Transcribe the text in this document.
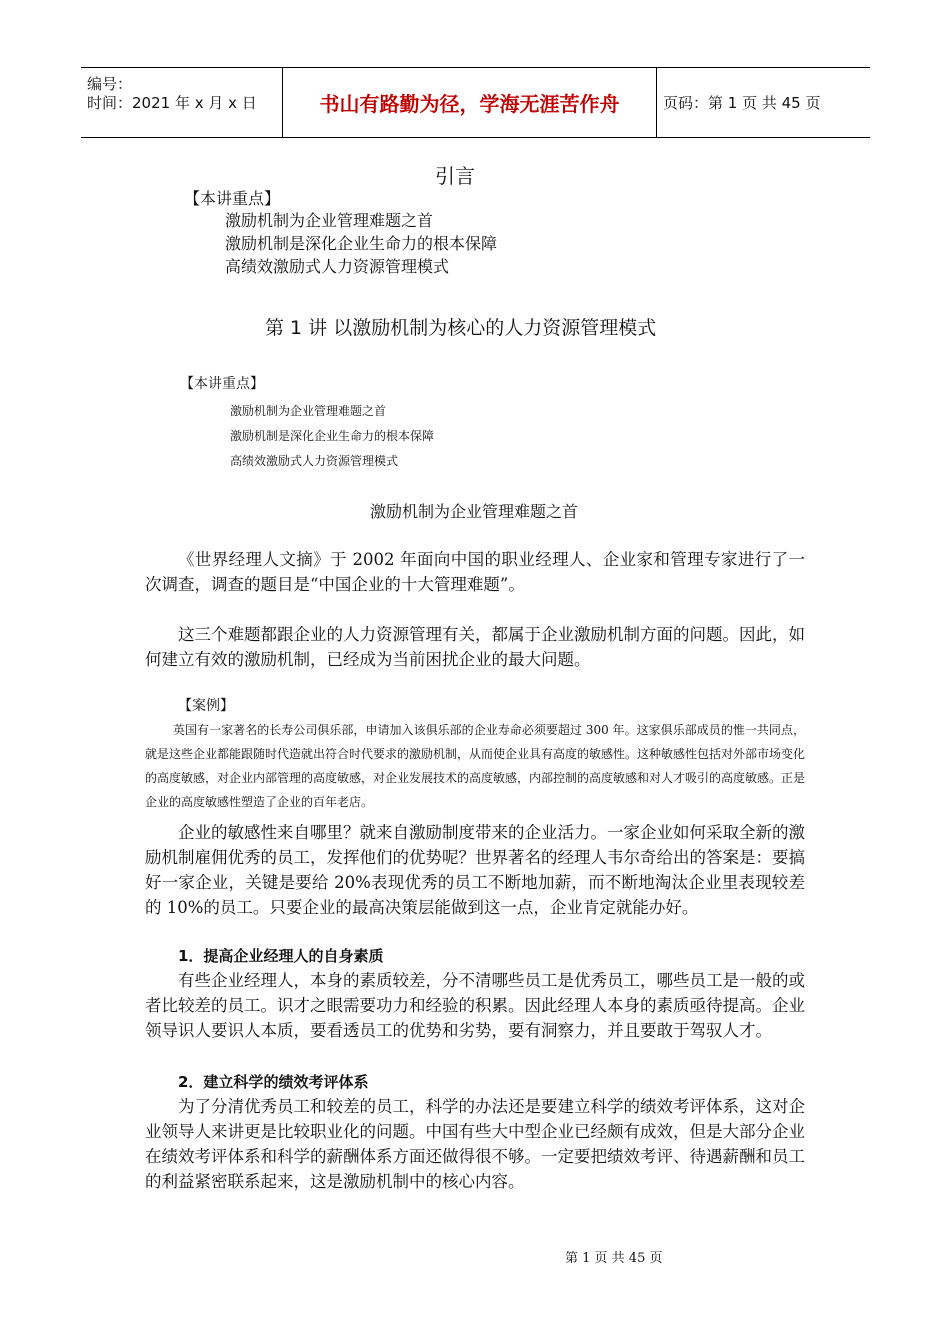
编号：
时间：2021 年 x 月 x 日	书山有路勤为径，学海无涯苦作舟	页码：第 1 页 共 45 页
引言
【本讲重点】
激励机制为企业管理难题之首
激励机制是深化企业生命力的根本保障
高绩效激励式人力资源管理模式
第 1 讲 以激励机制为核心的人力资源管理模式
【本讲重点】
激励机制为企业管理难题之首
激励机制是深化企业生命力的根本保障
高绩效激励式人力资源管理模式
激励机制为企业管理难题之首
《世界经理人文摘》于 2002 年面向中国的职业经理人、企业家和管理专家进行了一次调查，调查的题目是“中国企业的十大管理难题”。
这三个难题都跟企业的人力资源管理有关，都属于企业激励机制方面的问题。因此，如何建立有效的激励机制，已经成为当前困扰企业的最大问题。
【案例】
英国有一家著名的长寿公司俱乐部，申请加入该俱乐部的企业寿命必须要超过 300 年。这家俱乐部成员的惟一共同点，就是这些企业都能跟随时代造就出符合时代要求的激励机制，从而使企业具有高度的敏感性。这种敏感性包括对外部市场变化的高度敏感，对企业内部管理的高度敏感，对企业发展技术的高度敏感，内部控制的高度敏感和对人才吸引的高度敏感。正是企业的高度敏感性塑造了企业的百年老店。
企业的敏感性来自哪里？就来自激励制度带来的企业活力。一家企业如何采取全新的激励机制雇佣优秀的员工，发挥他们的优势呢？世界著名的经理人韦尔奇给出的答案是：要搞好一家企业，关键是要给 20%表现优秀的员工不断地加薪，而不断地淘汰企业里表现较差的 10%的员工。只要企业的最高决策层能做到这一点，企业肯定就能办好。
1．提高企业经理人的自身素质
有些企业经理人，本身的素质较差，分不清哪些员工是优秀员工，哪些员工是一般的或者比较差的员工。识才之眼需要功力和经验的积累。因此经理人本身的素质亟待提高。企业领导识人要识人本质，要看透员工的优势和劣势，要有洞察力，并且要敢于驾驭人才。
2．建立科学的绩效考评体系
为了分清优秀员工和较差的员工，科学的办法还是要建立科学的绩效考评体系，这对企业领导人来讲更是比较职业化的问题。中国有些大中型企业已经颇有成效，但是大部分企业在绩效考评体系和科学的薪酬体系方面还做得很不够。一定要把绩效考评、待遇薪酬和员工的利益紧密联系起来，这是激励机制中的核心内容。
第 1 页 共 45 页
